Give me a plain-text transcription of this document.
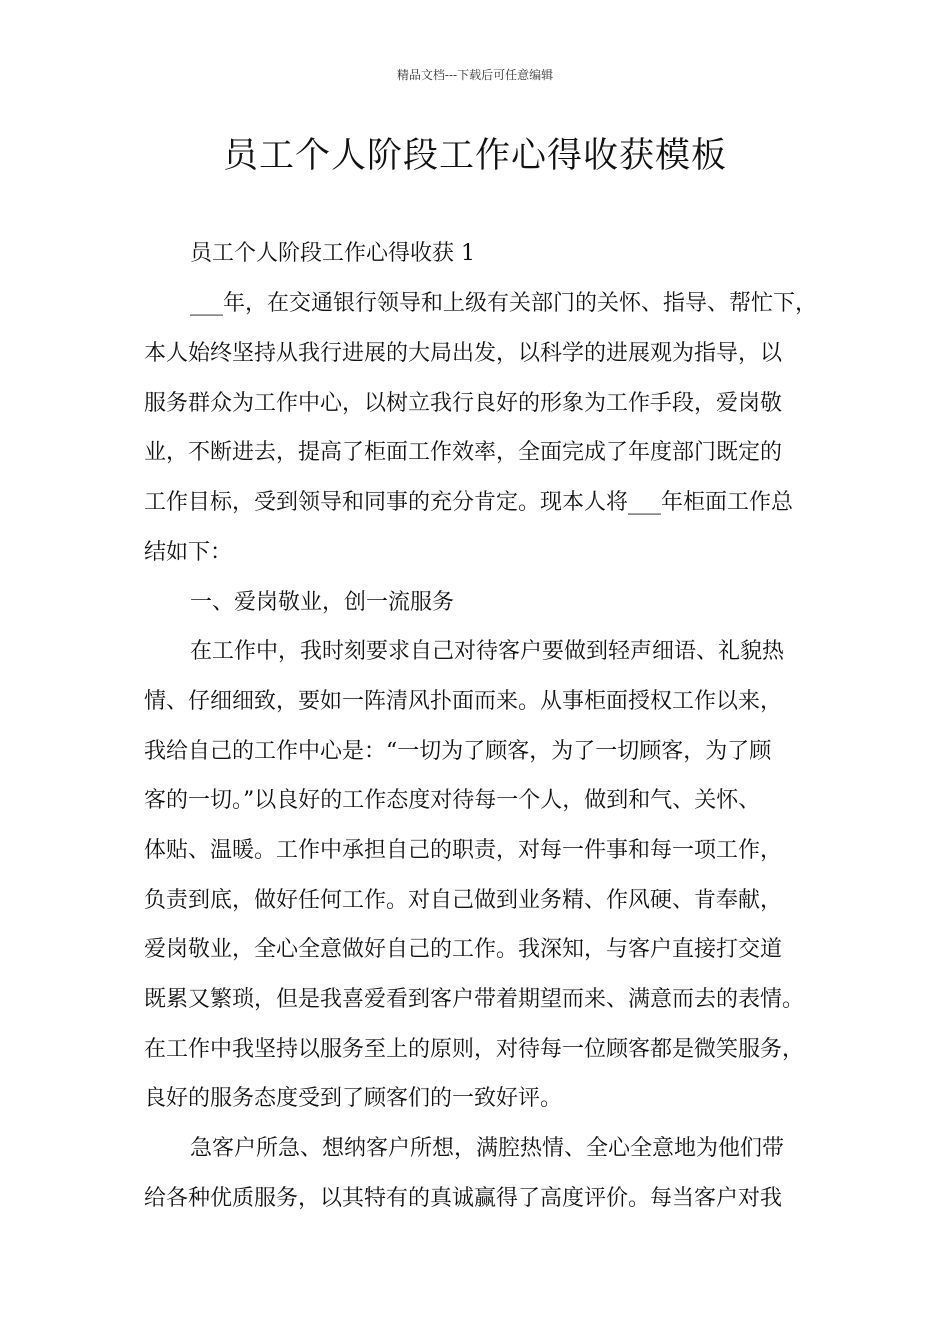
精品文档---下载后可任意编辑
员工个人阶段工作心得收获模板
员工个人阶段工作心得收获 1
___年，在交通银行领导和上级有关部门的关怀、指导、帮忙下，
本人始终坚持从我行进展的大局出发，以科学的进展观为指导，以
服务群众为工作中心，以树立我行良好的形象为工作手段，爱岗敬
业，不断进去，提高了柜面工作效率，全面完成了年度部门既定的
工作目标，受到领导和同事的充分肯定。现本人将___年柜面工作总
结如下：
一、爱岗敬业，创一流服务
在工作中，我时刻要求自己对待客户要做到轻声细语、礼貌热
情、仔细细致，要如一阵清风扑面而来。从事柜面授权工作以来，
我给自己的工作中心是：“一切为了顾客，为了一切顾客，为了顾
客的一切。”以良好的工作态度对待每一个人，做到和气、关怀、
体贴、温暖。工作中承担自己的职责，对每一件事和每一项工作，
负责到底，做好任何工作。对自己做到业务精、作风硬、肯奉献，
爱岗敬业，全心全意做好自己的工作。我深知，与客户直接打交道
既累又繁琐，但是我喜爱看到客户带着期望而来、满意而去的表情。
在工作中我坚持以服务至上的原则，对待每一位顾客都是微笑服务，
良好的服务态度受到了顾客们的一致好评。
急客户所急、想纳客户所想，满腔热情、全心全意地为他们带
给各种优质服务，以其特有的真诚赢得了高度评价。每当客户对我
